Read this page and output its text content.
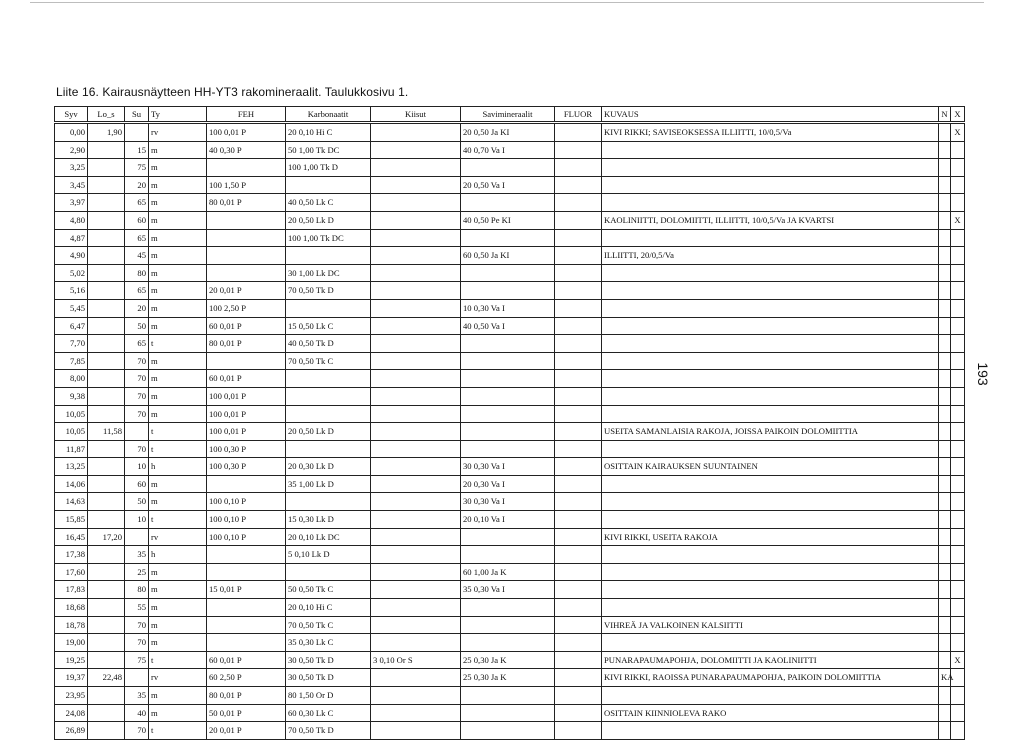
Liite 16. Kairausnäytteen HH-YT3 rakomineraalit. Taulukkosivu 1.
Syv	Lo_s	Su	Ty	FEH	Karbonaatit	Kiisut	Savimineraalit	FLUOR	KUVAUS	N	X
0,00	1,90		rv	100 0,01 P	20 0,10 Hi C		20 0,50 Ja KI		KIVI RIKKI; SAVISEOKSESSA ILLIITTI, 10/0,5/Va		X
2,90		15	m	40 0,30 P	50 1,00 Tk DC		40 0,70 Va I				
3,25		75	m		100 1,00 Tk D						
3,45		20	m	100 1,50 P			20 0,50 Va I				
3,97		65	m	80 0,01 P	40 0,50 Lk C						
4,80		60	m		20 0,50 Lk D		40 0,50 Pe KI		KAOLINIITTI, DOLOMIITTI, ILLIITTI, 10/0,5/Va JA KVARTSI		X
4,87		65	m		100 1,00 Tk DC						
4,90		45	m				60 0,50 Ja KI		ILLIITTI, 20/0,5/Va		
5,02		80	m		30 1,00 Lk DC						
5,16		65	m	20 0,01 P	70 0,50 Tk D						
5,45		20	m	100 2,50 P			10 0,30 Va I				
6,47		50	m	60 0,01 P	15 0,50 Lk C		40 0,50 Va I				
7,70		65	t	80 0,01 P	40 0,50 Tk D						
7,85		70	m		70 0,50 Tk C						
8,00		70	m	60 0,01 P							
9,38		70	m	100 0,01 P							
10,05		70	m	100 0,01 P							
10,05	11,58		t	100 0,01 P	20 0,50 Lk D				USEITA SAMANLAISIA RAKOJA, JOISSA PAIKOIN DOLOMIITTIA		
11,87		70	t	100 0,30 P							
13,25		10	h	100 0,30 P	20 0,30 Lk D		30 0,30 Va I		OSITTAIN KAIRAUKSEN SUUNTAINEN		
14,06		60	m		35 1,00 Lk D		20 0,30 Va I				
14,63		50	m	100 0,10 P			30 0,30 Va I				
15,85		10	t	100 0,10 P	15 0,30 Lk D		20 0,10 Va I				
16,45	17,20		rv	100 0,10 P	20 0,10 Lk DC				KIVI RIKKI, USEITA RAKOJA		
17,38		35	h		5 0,10 Lk D						
17,60		25	m				60 1,00 Ja K				
17,83		80	m	15 0,01 P	50 0,50 Tk C		35 0,30 Va I				
18,68		55	m		20 0,10 Hi C						
18,78		70	m		70 0,50 Tk C				VIHREÄ JA VALKOINEN KALSIITTI		
19,00		70	m		35 0,30 Lk C						
19,25		75	t	60 0,01 P	30 0,50 Tk D	3 0,10 Or S	25 0,30 Ja K		PUNARAPAUMAPOHJA, DOLOMIITTI JA KAOLINIITTI		X
19,37	22,48		rv	60 2,50 P	30 0,50 Tk D		25 0,30 Ja K		KIVI RIKKI, RAOISSA PUNARAPAUMAPOHJA, PAIKOIN DOLOMIITTIA	KA	
23,95		35	m	80 0,01 P	80 1,50 Or D						
24,08		40	m	50 0,01 P	60 0,30 Lk C				OSITTAIN KIINNIOLEVA RAKO		
26,89		70	t	20 0,01 P	70 0,50 Tk D						
193
